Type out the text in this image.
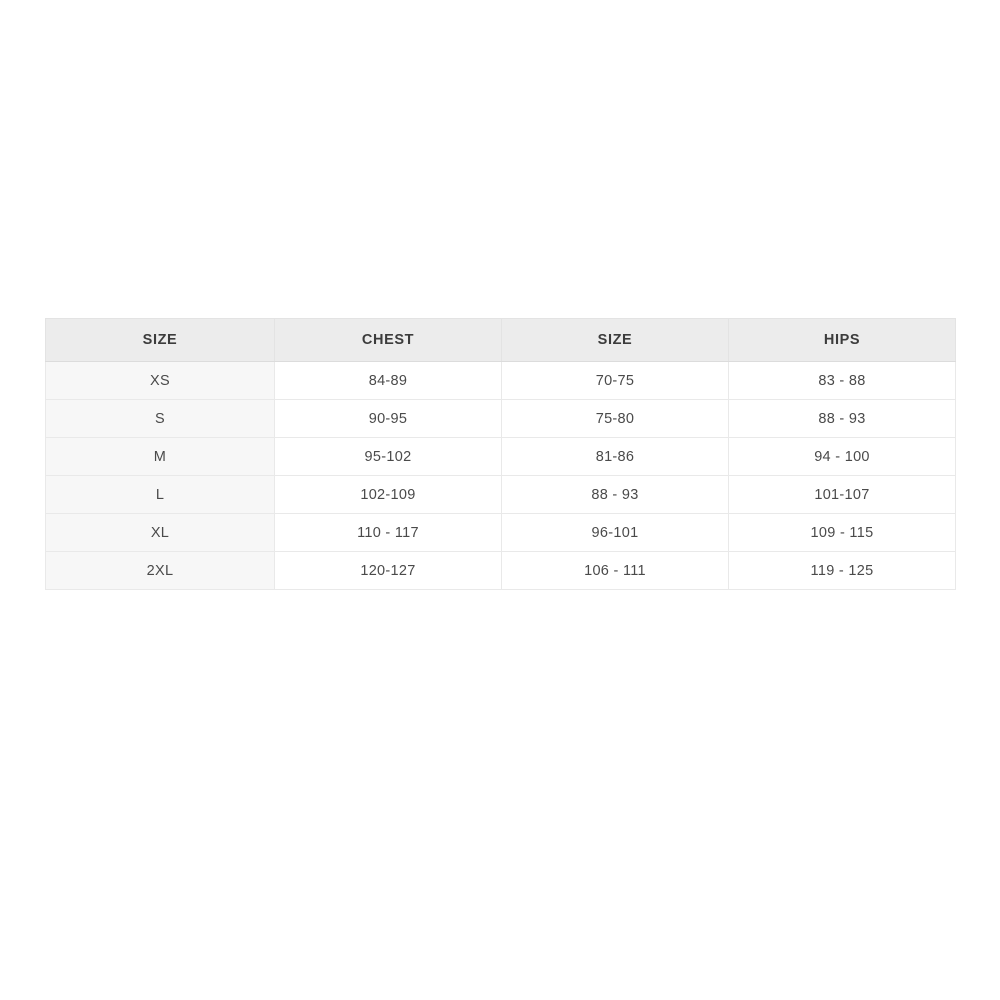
SIZE	CHEST	SIZE	HIPS
XS	84-89	70-75	83 - 88
S	90-95	75-80	88 - 93
M	95-102	81-86	94 - 100
L	102-109	88 - 93	101-107
XL	110 - 117	96-101	109 - 115
2XL	120-127	106 - 111	119 - 125
